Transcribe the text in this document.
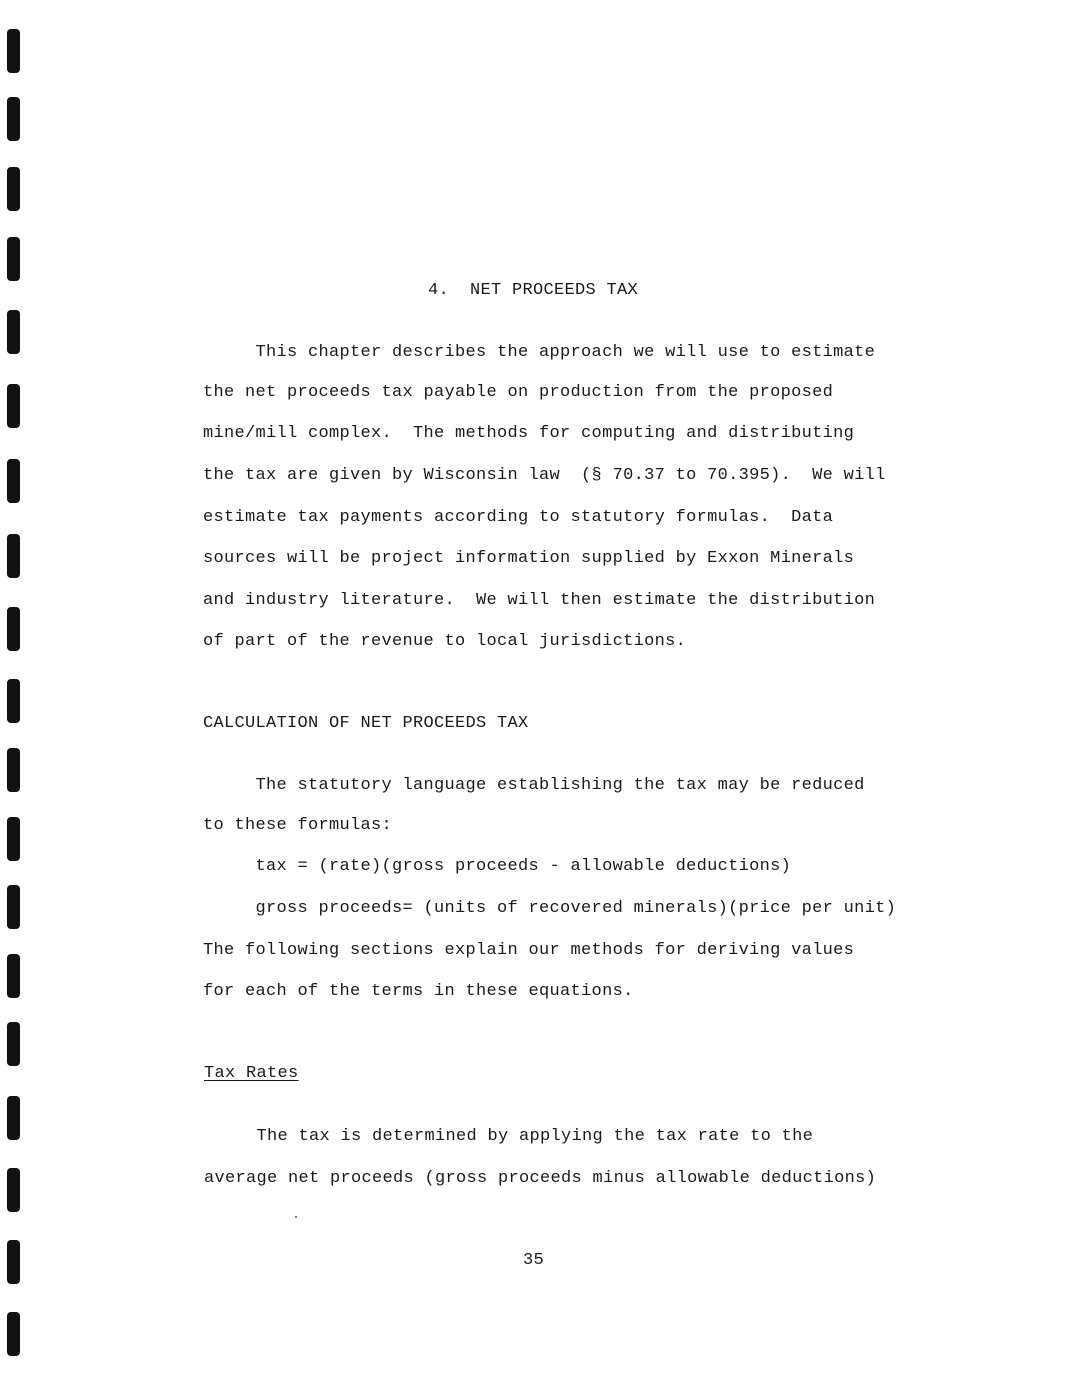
4.  NET PROCEEDS TAX
This chapter describes the approach we will use to estimate
the net proceeds tax payable on production from the proposed
mine/mill complex.  The methods for computing and distributing
the tax are given by Wisconsin law  (§ 70.37 to 70.395).  We will
estimate tax payments according to statutory formulas.  Data
sources will be project information supplied by Exxon Minerals
and industry literature.  We will then estimate the distribution
of part of the revenue to local jurisdictions.
CALCULATION OF NET PROCEEDS TAX
The statutory language establishing the tax may be reduced
to these formulas:
tax = (rate)(gross proceeds - allowable deductions)
gross proceeds= (units of recovered minerals)(price per unit)
The following sections explain our methods for deriving values
for each of the terms in these equations.
Tax Rates
The tax is determined by applying the tax rate to the
average net proceeds (gross proceeds minus allowable deductions)
35
